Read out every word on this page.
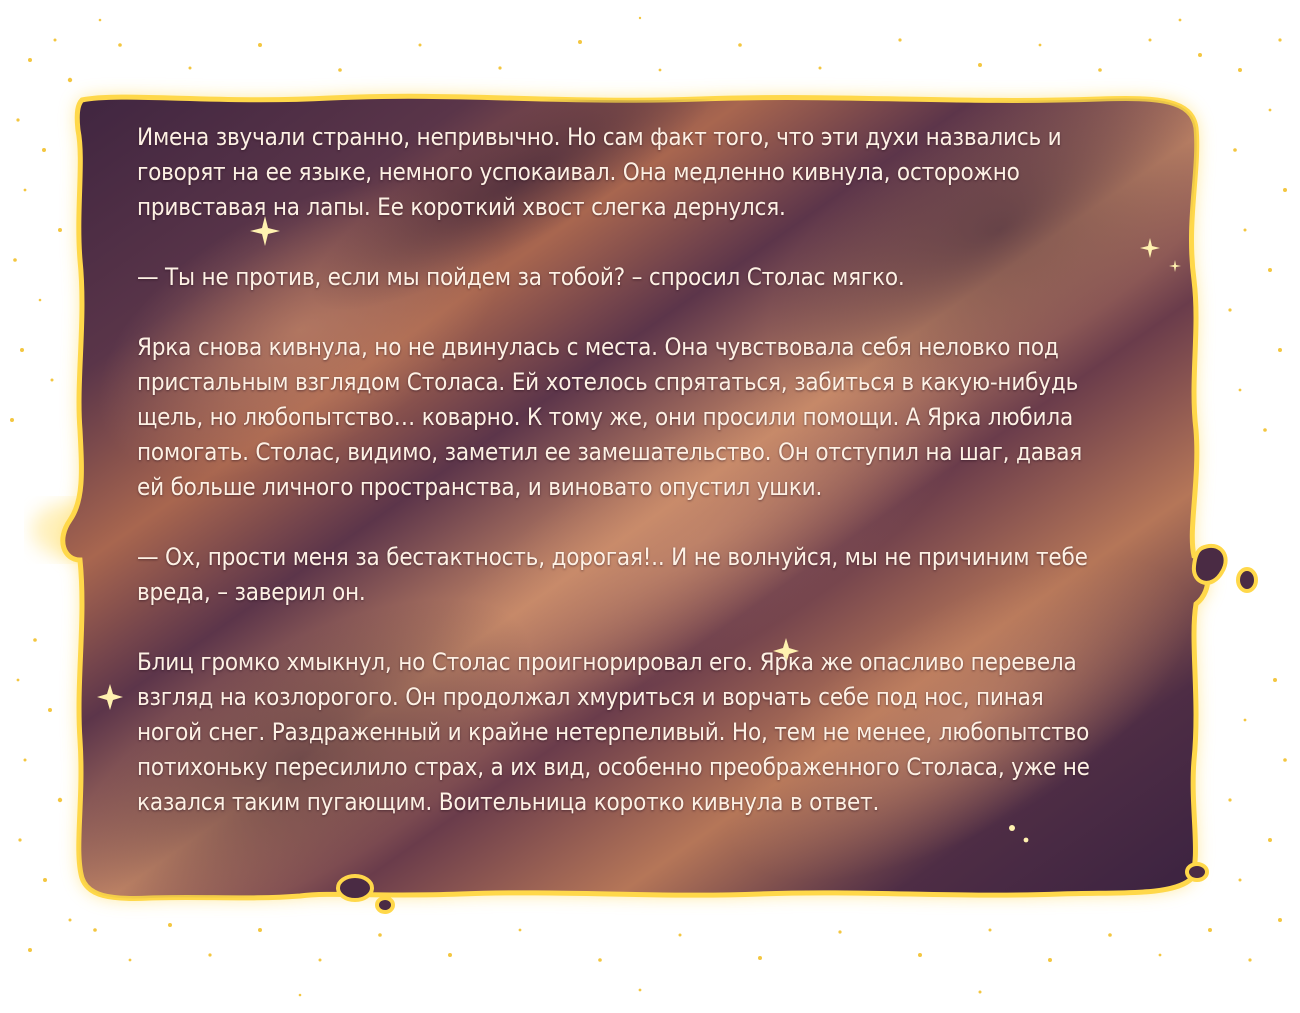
Имена звучали странно, непривычно. Но сам факт того, что эти духи назвались и
говорят на ее языке, немного успокаивал. Она медленно кивнула, осторожно
привставая на лапы. Ее короткий хвост слегка дернулся.
— Ты не против, если мы пойдем за тобой? – спросил Столас мягко.
Ярка снова кивнула, но не двинулась с места. Она чувствовала себя неловко под
пристальным взглядом Столаса. Ей хотелось спрятаться, забиться в какую-нибудь
щель, но любопытство… коварно. К тому же, они просили помощи. А Ярка любила
помогать. Столас, видимо, заметил ее замешательство. Он отступил на шаг, давая
ей больше личного пространства, и виновато опустил ушки.
— Ох, прости меня за бестактность, дорогая!.. И не волнуйся, мы не причиним тебе
вреда, – заверил он.
Блиц громко хмыкнул, но Столас проигнорировал его. Ярка же опасливо перевела
взгляд на козлорогого. Он продолжал хмуриться и ворчать себе под нос, пиная
ногой снег. Раздраженный и крайне нетерпеливый. Но, тем не менее, любопытство
потихоньку пересилило страх, а их вид, особенно преображенного Столаса, уже не
казался таким пугающим. Воительница коротко кивнула в ответ.
